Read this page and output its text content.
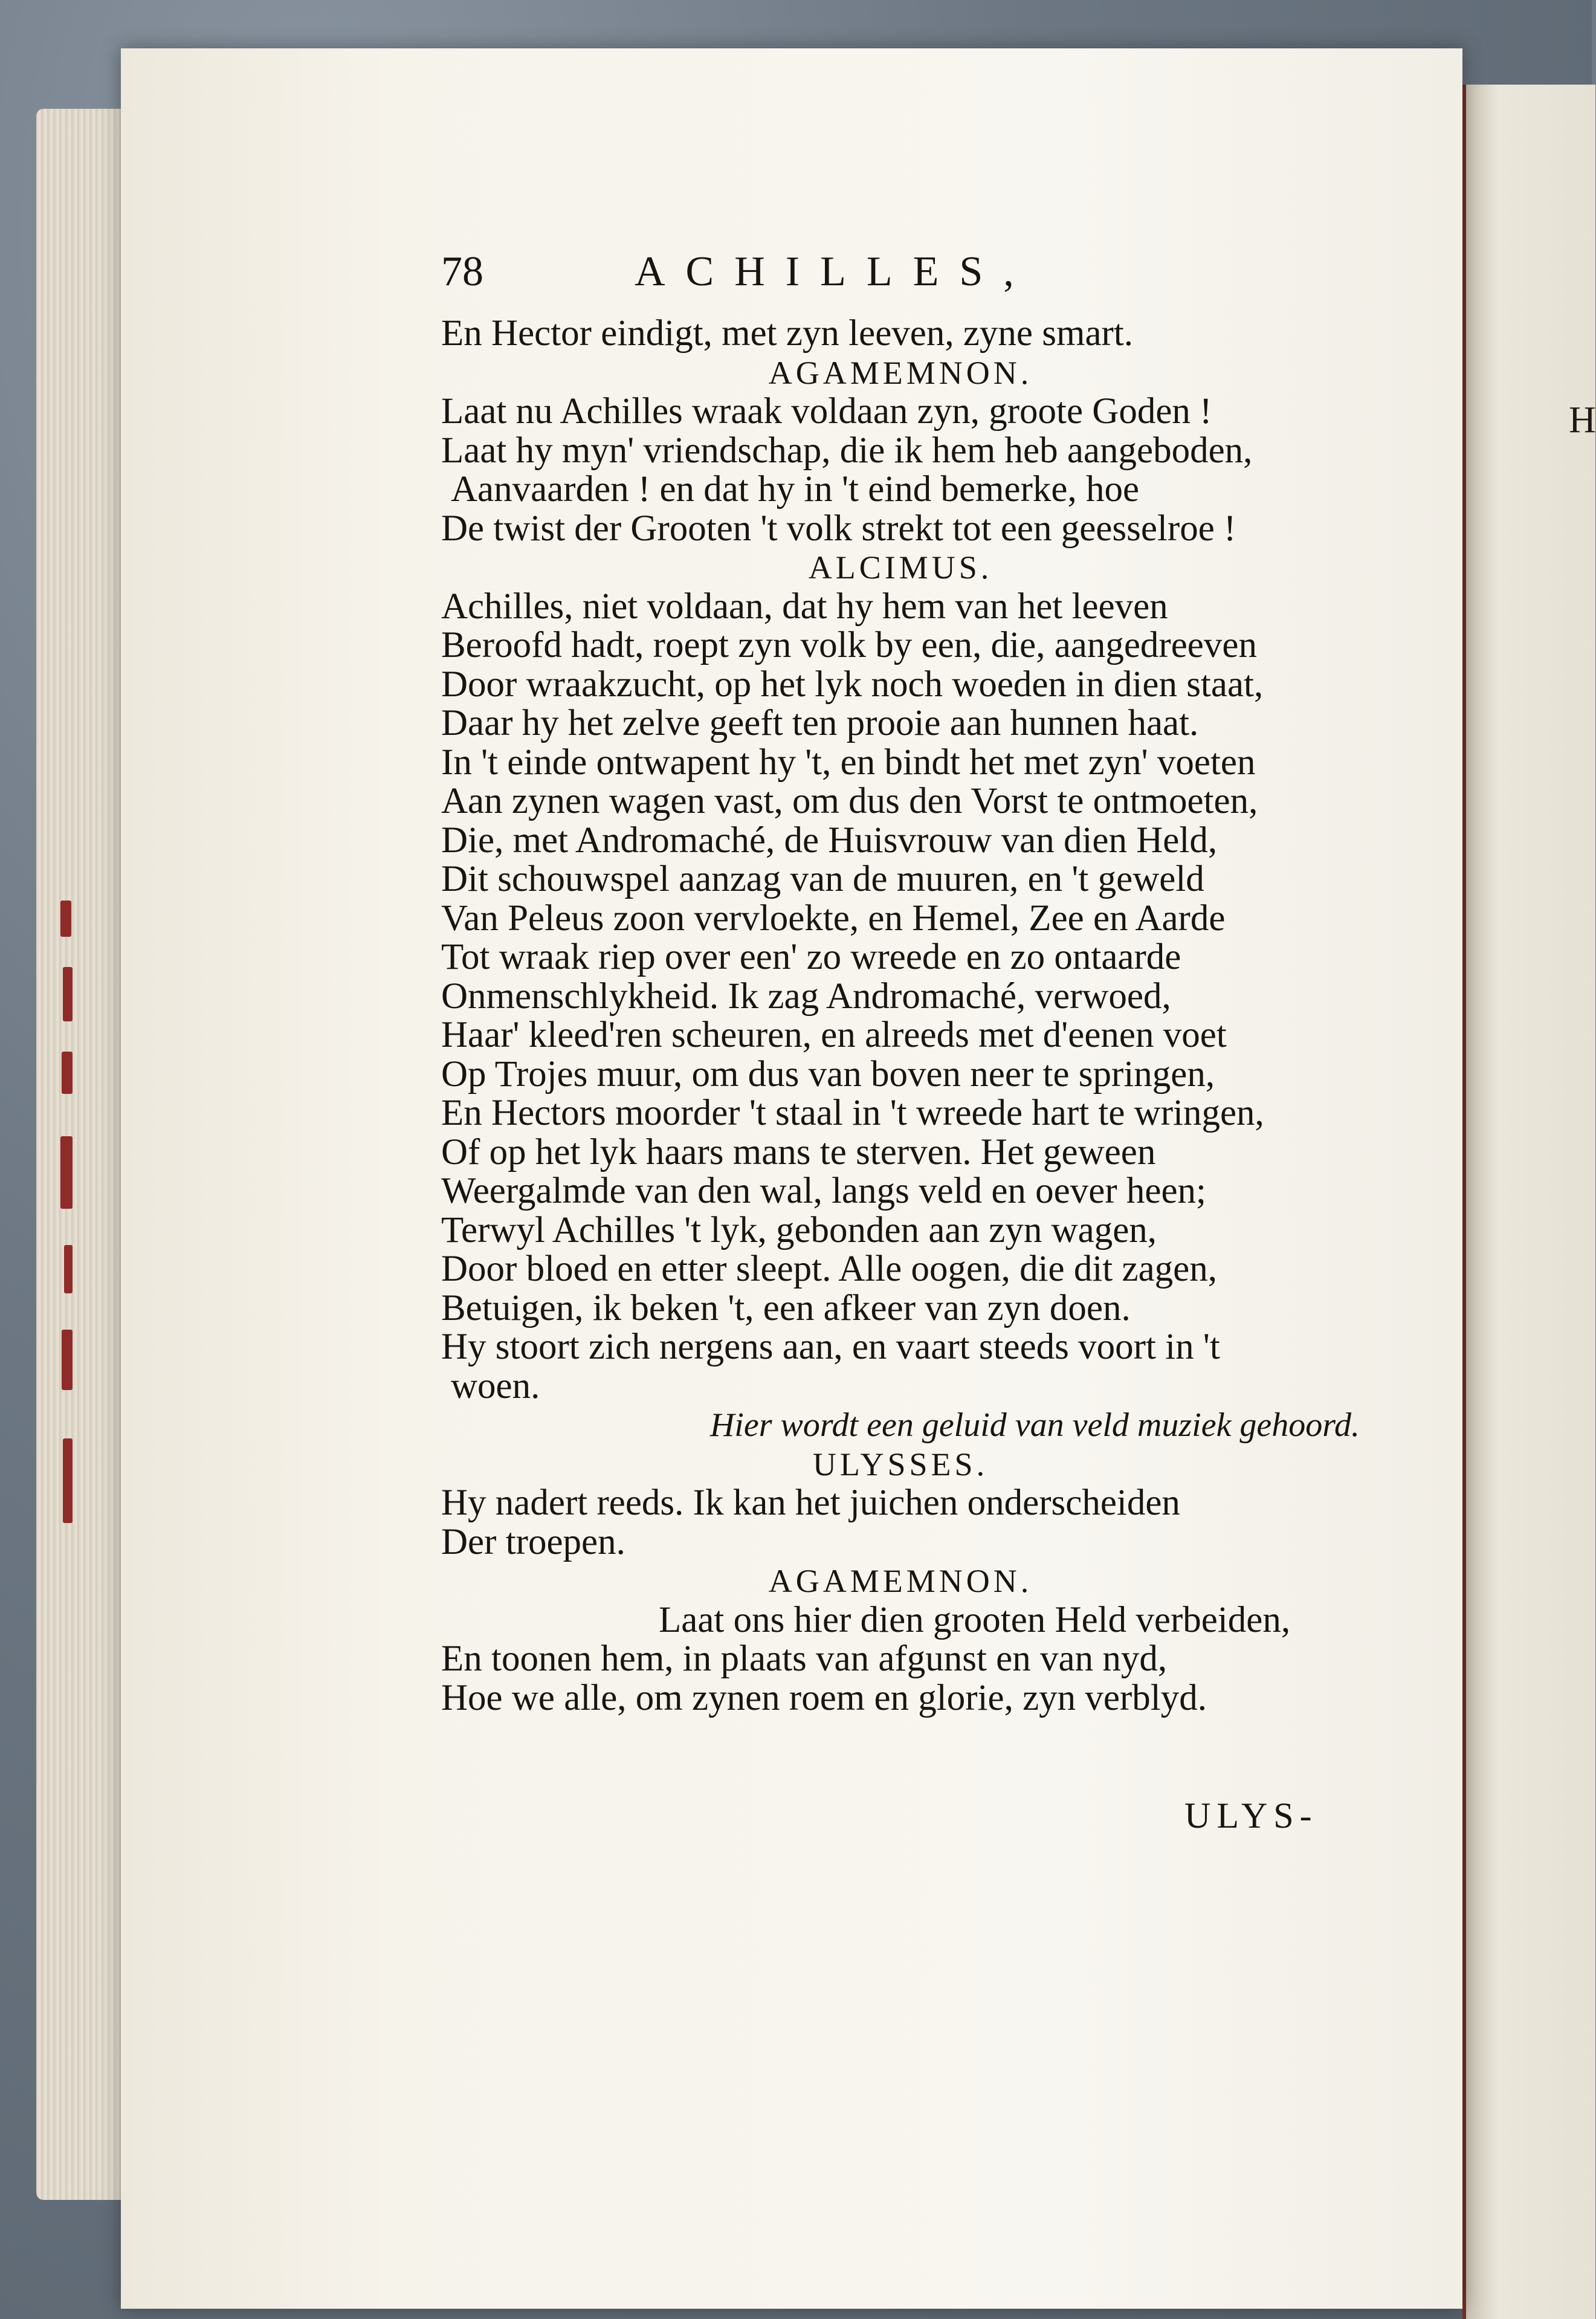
H
78	ACHILLES,
En Hector eindigt, met zyn leeven, zyne smart.
AGAMEMNON.
Laat nu Achilles wraak voldaan zyn, groote Goden !
Laat hy myn' vriendschap, die ik hem heb aangeboden,
Aanvaarden ! en dat hy in 't eind bemerke, hoe
De twist der Grooten 't volk strekt tot een geesselroe !
ALCIMUS.
Achilles, niet voldaan, dat hy hem van het leeven
Beroofd hadt, roept zyn volk by een, die, aangedreeven
Door wraakzucht, op het lyk noch woeden in dien staat,
Daar hy het zelve geeft ten prooie aan hunnen haat.
In 't einde ontwapent hy 't, en bindt het met zyn' voeten
Aan zynen wagen vast, om dus den Vorst te ontmoeten,
Die, met Andromaché, de Huisvrouw van dien Held,
Dit schouwspel aanzag van de muuren, en 't geweld
Van Peleus zoon vervloekte, en Hemel, Zee en Aarde
Tot wraak riep over een' zo wreede en zo ontaarde
Onmenschlykheid. Ik zag Andromaché, verwoed,
Haar' kleed'ren scheuren, en alreeds met d'eenen voet
Op Trojes muur, om dus van boven neer te springen,
En Hectors moorder 't staal in 't wreede hart te wringen,
Of op het lyk haars mans te sterven. Het geween
Weergalmde van den wal, langs veld en oever heen;
Terwyl Achilles 't lyk, gebonden aan zyn wagen,
Door bloed en etter sleept. Alle oogen, die dit zagen,
Betuigen, ik beken 't, een afkeer van zyn doen.
Hy stoort zich nergens aan, en vaart steeds voort in 't
woen.
Hier wordt een geluid van veld muziek gehoord.
ULYSSES.
Hy nadert reeds. Ik kan het juichen onderscheiden
Der troepen.
AGAMEMNON.
Laat ons hier dien grooten Held verbeiden,
En toonen hem, in plaats van afgunst en van nyd,
Hoe we alle, om zynen roem en glorie, zyn verblyd.
ULYS-
